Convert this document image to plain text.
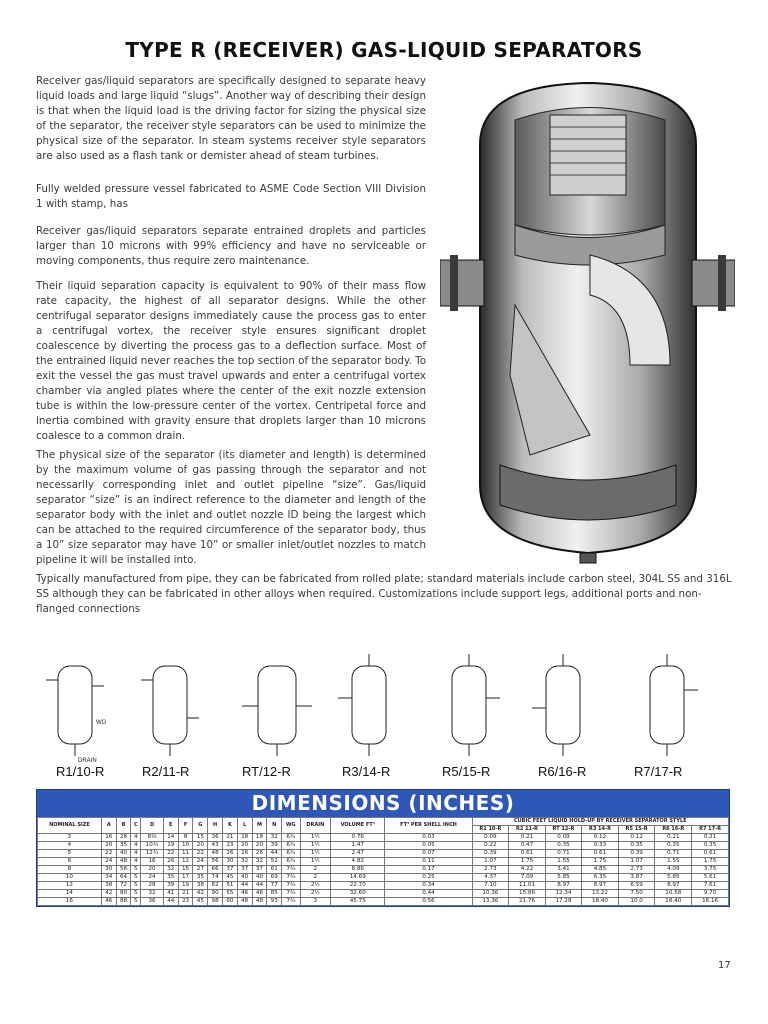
TYPE R (RECEIVER) GAS-LIQUID SEPARATORS

Receiver gas/liquid separators are specifically designed to separate heavy liquid loads and large liquid “slugs”. Another way of describing their design is that when the liquid load is the driving factor for sizing the physical size of the separator, the receiver style separators can be used to minimize the physical size of the separator. In steam systems receiver style separators are also used as a flash tank or demister ahead of steam turbines.

Fully welded pressure vessel fabricated to ASME Code Section VIII Division 1 with stamp, has

Receiver gas/liquid separators separate entrained droplets and particles larger than 10 microns with 99% efficiency and have no serviceable or moving components, thus require zero maintenance.

Their liquid separation capacity is equivalent to 90% of their mass flow rate capacity, the highest of all separator designs. While the other centrifugal separator designs immediately cause the process gas to enter a centrifugal vortex, the receiver style ensures significant droplet coalescence by diverting the process gas to a deflection surface. Most of the entrained liquid never reaches the top section of the separator body. To exit the vessel the gas must travel upwards and enter a centrifugal vortex chamber via angled plates where the center of the exit nozzle extension tube is within the low-pressure center of the vortex. Centripetal force and inertia combined with gravity ensure that droplets larger than 10 microns coalesce to a common drain.

The physical size of the separator (its diameter and length) is determined by the maximum volume of gas passing through the separator and not necessarily corresponding inlet and outlet pipeline “size”. Gas/liquid separator “size” is an indirect reference to the diameter and length of the separator body with the inlet and outlet nozzle ID being the largest which can be attached to the required circumference of the separator body, thus a 10” size separator may have 10” or smaller inlet/outlet nozzles to match pipeline it will be installed into.

Typically manufactured from pipe, they can be fabricated from rolled plate; standard materials include carbon steel, 304L SS and 316L SS although they can be fabricated in other alloys when required. Customizations include support legs, additional ports and non-flanged connections

DRAIN
WG
R1/10-R	R2/11-R	RT/12-R	R3/14-R	R5/15-R	R6/16-R	R7/17-R
DIMENSIONS (INCHES)
NOMINAL SIZE	A	B	C	D	E	F	G	H	K	L	M	N	WG	DRAIN	VOLUME FT³	FT³ PER SHELL INCH	CUBIC FEET LIQUID HOLD-UP BY RECEIVER SEPARATOR STYLE						
																	R1 10-R	R2 11-R	RT 12-R	R3 14-R	R5 15-R	R6 16-R	R7 17-R
3	16	28	4	8⅜	14	8	15	36	21	18	18	32	6¾	1½	0.76	0.03	0.09	0.21	0.09	0.12	0.12	0.21	0.21
4	20	35	4	10¾	19	10	20	43	23	20	20	39	6¾	1½	1.47	0.05	0.22	0.47	0.35	0.33	0.35	0.35	0.35
5	22	40	4	12¾	22	11	22	48	26	26	26	44	6¾	1½	2.47	0.07	0.39	0.61	0.71	0.61	0.39	0.71	0.61
6	24	48	4	16	26	12	24	56	30	32	32	52	6¾	1½	4.82	0.11	1.07	1.75	1.55	1.75	1.07	1.55	1.75
8	30	56	5	20	32	15	27	66	37	37	37	61	7¾	2	8.86	0.17	2.73	4.22	3.41	4.85	2.73	4.09	3.75
10	34	64	5	24	35	17	35	74	45	40	40	69	7¾	2	14.69	0.25	4.37	7.09	5.85	6.35	3.87	5.85	5.61
12	38	72	5	28	39	19	38	82	51	44	44	77	7¾	2½	22.70	0.34	7.10	11.01	8.97	8.97	6.59	8.97	7.61
14	42	80	5	32	41	21	42	90	55	46	46	85	7¾	2½	32.60	0.44	10.36	15.86	12.34	13.22	7.50	10.58	9.70
16	46	88	5	36	44	23	45	98	60	48	48	93	7¾	3	45.75	0.56	13.36	21.76	17.28	18.40	10.0	18.40	16.16
17
